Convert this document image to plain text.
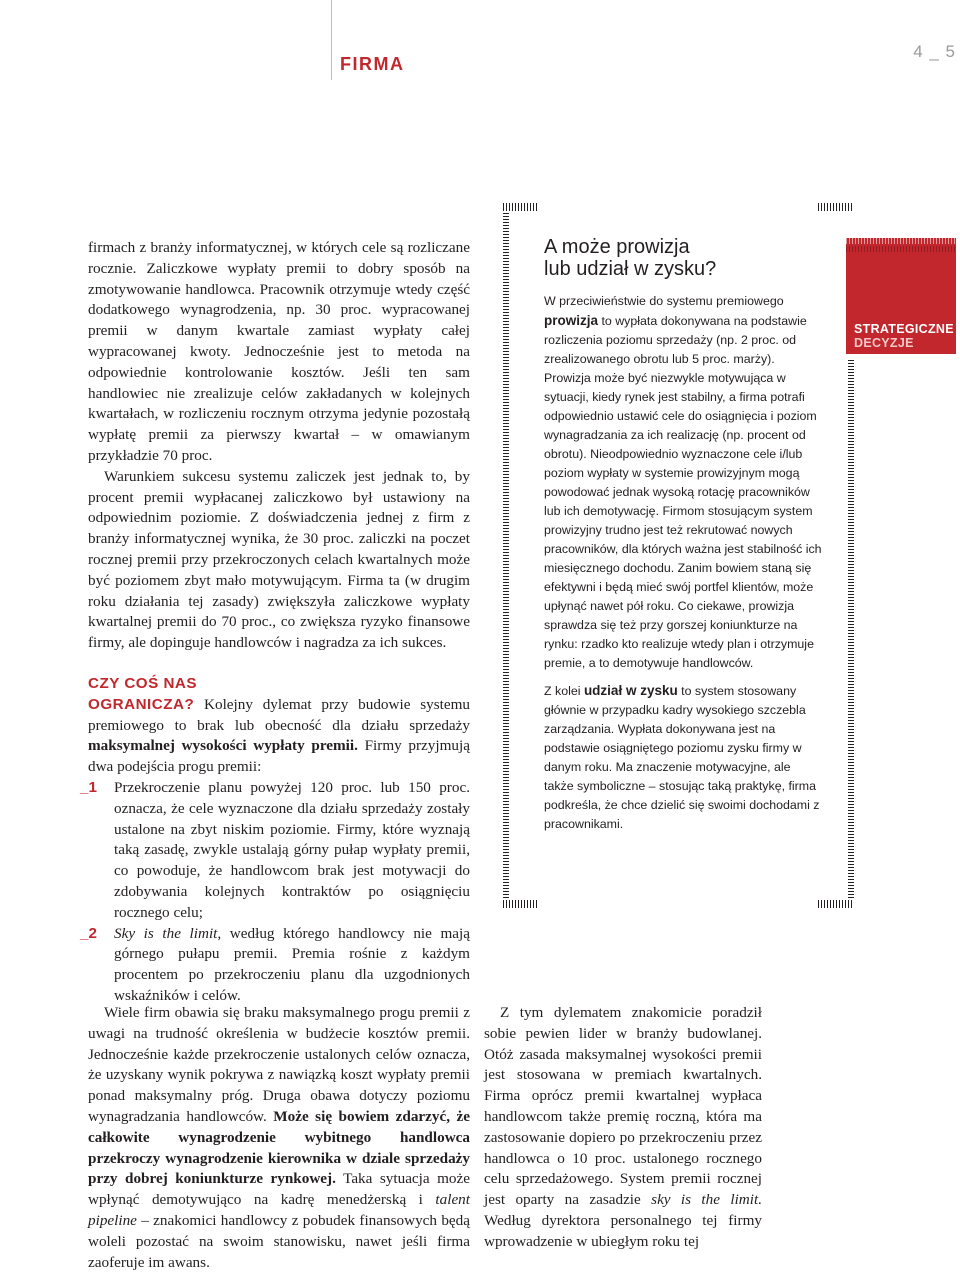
FIRMA
4 _ 5

firmach z branży informatycznej, w których cele są rozliczane rocznie. Zaliczkowe wypłaty premii to dobry sposób na zmotywowanie handlowca. Pracownik otrzymuje wtedy część dodatkowego wynagrodzenia, np. 30 proc. wypracowanej premii w danym kwartale zamiast wypłaty całej wypracowanej kwoty. Jednocześnie jest to metoda na odpowiednie kontrolowanie kosztów. Jeśli ten sam handlowiec nie zrealizuje celów zakładanych w kolejnych kwartałach, w rozliczeniu rocznym otrzyma jedynie pozostałą wypłatę premii za pierwszy kwartał – w omawianym przykładzie 70 proc.

Warunkiem sukcesu systemu zaliczek jest jednak to, by procent premii wypłacanej zaliczkowo był ustawiony na odpowiednim poziomie. Z doświadczenia jednej z firm z branży informatycznej wynika, że 30 proc. zaliczki na poczet rocznej premii przy przekroczonych celach kwartalnych może być poziomem zbyt mało motywującym. Firma ta (w drugim roku działania tej zasady) zwiększyła zaliczkowe wypłaty kwartalnej premii do 70 proc., co zwiększa ryzyko finansowe firmy, ale dopinguje handlowców i nagradza za ich sukces.

CZY COŚ NAS

OGRANICZA? Kolejny dylemat przy budowie systemu premiowego to brak lub obecność dla działu sprzedaży maksymalnej wysokości wypłaty premii. Firmy przyjmują dwa podejścia progu premii:

_1 Przekroczenie planu powyżej 120 proc. lub 150 proc. oznacza, że cele wyznaczone dla działu sprzedaży zostały ustalone na zbyt niskim poziomie. Firmy, które wyznają taką zasadę, zwykle ustalają górny pułap wypłaty premii, co powoduje, że handlowcom brak jest motywacji do zdobywania kolejnych kontraktów po osiągnięciu rocznego celu;
_2 Sky is the limit, według którego handlowcy nie mają górnego pułapu premii. Premia rośnie z każdym procentem po przekroczeniu planu dla uzgodnionych wskaźników i celów.
A może prowizja
lub udział w zysku?

W przeciwieństwie do systemu premiowego prowizja to wypłata dokonywana na podstawie rozliczenia poziomu sprzedaży (np. 2 proc. od zrealizowanego obrotu lub 5 proc. marży). Prowizja może być niezwykle motywująca w sytuacji, kiedy rynek jest stabilny, a firma potrafi odpowiednio ustawić cele do osiągnięcia i poziom wynagradzania za ich realizację (np. procent od obrotu). Nieodpowiednio wyznaczone cele i/lub poziom wypłaty w systemie prowizyjnym mogą powodować jednak wysoką rotację pracowników lub ich demotywację. Firmom stosującym system prowizyjny trudno jest też rekrutować nowych pracowników, dla których ważna jest stabilność ich miesięcznego dochodu. Zanim bowiem staną się efektywni i będą mieć swój portfel klientów, może upłynąć nawet pół roku. Co ciekawe, prowizja sprawdza się też przy gorszej koniunkturze na rynku: rzadko kto realizuje wtedy plan i otrzymuje premie, a to demotywuje handlowców.

Z kolei udział w zysku to system stosowany głównie w przypadku kadry wysokiego szczebla zarządzania. Wypłata dokonywana jest na podstawie osiągniętego poziomu zysku firmy w danym roku. Ma znaczenie motywacyjne, ale także symboliczne – stosując taką praktykę, firma podkreśla, że chce dzielić się swoimi dochodami z pracownikami.

STRATEGICZNE
DECYZJE
Wiele firm obawia się braku maksymalnego progu premii z uwagi na trudność określenia w budżecie kosztów premii. Jednocześnie każde przekroczenie ustalonych celów oznacza, że uzyskany wynik pokrywa z nawiązką koszt wypłaty premii ponad maksymalny próg. Druga obawa dotyczy poziomu wynagradzania handlowców. Może się bowiem zdarzyć, że całkowite wynagrodzenie wybitnego handlowca przekroczy wynagrodzenie kierownika w dziale sprzedaży przy dobrej koniunkturze rynkowej. Taka sytuacja może wpłynąć demotywująco na kadrę menedżerską i talent pipeline – znakomici handlowcy z pobudek finansowych będą woleli pozostać na swoim stanowisku, nawet jeśli firma zaoferuje im awans.
Z tym dylematem znakomicie poradził sobie pewien lider w branży budowlanej. Otóż zasada maksymalnej wysokości premii jest stosowana w premiach kwartalnych. Firma oprócz premii kwartalnej wypłaca handlowcom także premię roczną, która ma zastosowanie dopiero po przekroczeniu przez handlowca o 10 proc. ustalonego rocznego celu sprzedażowego. System premii rocznej jest oparty na zasadzie sky is the limit. Według dyrektora personalnego tej firmy wprowadzenie w ubiegłym roku tej
